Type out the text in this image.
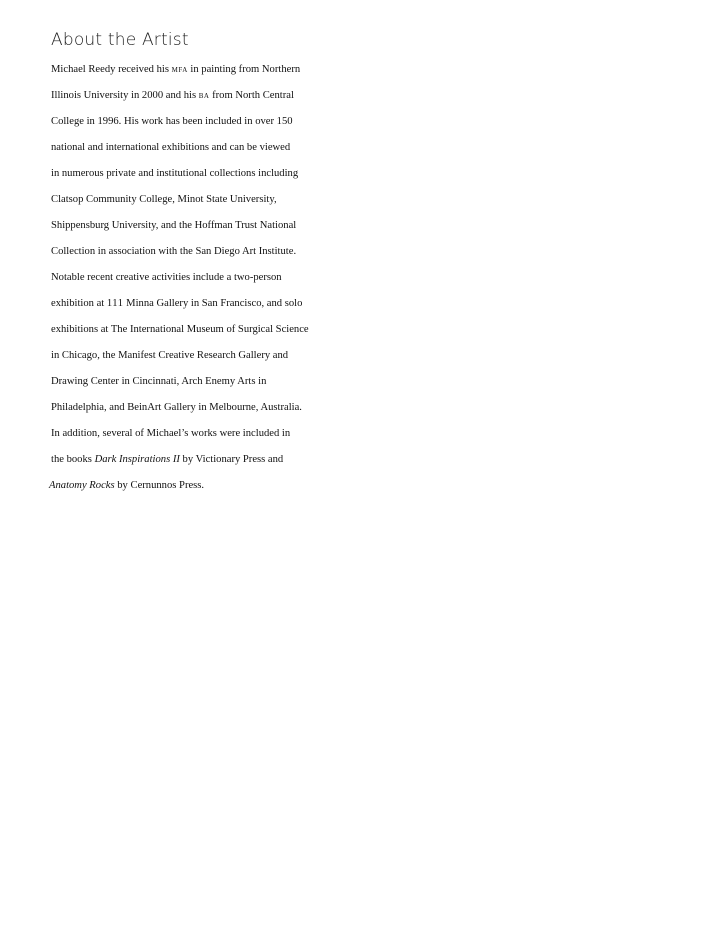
About the Artist
Michael Reedy received his mfa in painting from Northern
Illinois University in 2000 and his ba from North Central
College in 1996. His work has been included in over 150
national and international exhibitions and can be viewed
in numerous private and institutional collections including
Clatsop Community College, Minot State University,
Shippensburg University, and the Hoffman Trust National
Collection in association with the San Diego Art Institute.
Notable recent creative activities include a two-person
exhibition at 111 Minna Gallery in San Francisco, and solo
exhibitions at The International Museum of Surgical Science
in Chicago, the Manifest Creative Research Gallery and
Drawing Center in Cincinnati, Arch Enemy Arts in
Philadelphia, and BeinArt Gallery in Melbourne, Australia.
In addition, several of Michael’s works were included in
the books Dark Inspirations II by Victionary Press and
Anatomy Rocks by Cernunnos Press.
